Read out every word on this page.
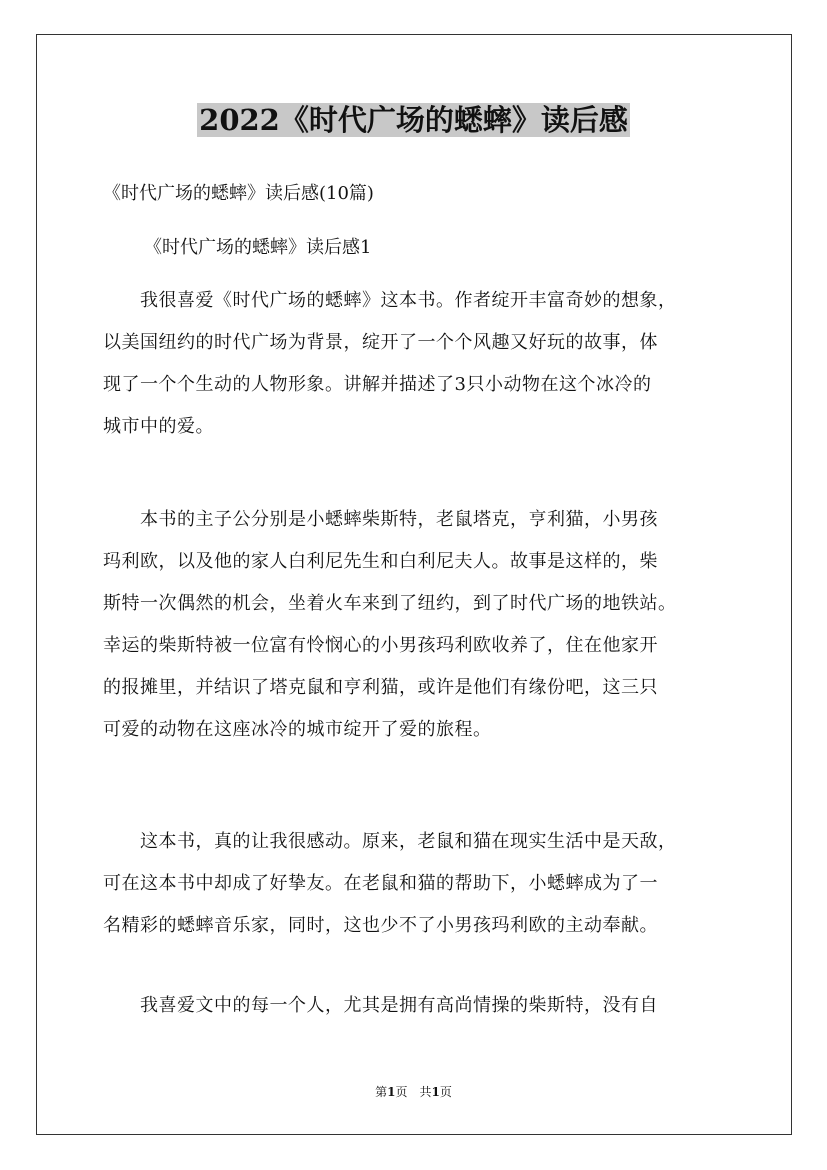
2022《时代广场的蟋蟀》读后感

《时代广场的蟋蟀》读后感(10篇)

《时代广场的蟋蟀》读后感1

　　我很喜爱《时代广场的蟋蟀》这本书。作者绽开丰富奇妙的想象，
以美国纽约的时代广场为背景，绽开了一个个风趣又好玩的故事，体
现了一个个生动的人物形象。讲解并描述了3只小动物在这个冰冷的
城市中的爱。

　　本书的主子公分别是小蟋蟀柴斯特，老鼠塔克，亨利猫，小男孩
玛利欧，以及他的家人白利尼先生和白利尼夫人。故事是这样的，柴
斯特一次偶然的机会，坐着火车来到了纽约，到了时代广场的地铁站。
幸运的柴斯特被一位富有怜悯心的小男孩玛利欧收养了，住在他家开
的报摊里，并结识了塔克鼠和亨利猫，或许是他们有缘份吧，这三只
可爱的动物在这座冰冷的城市绽开了爱的旅程。

　　这本书，真的让我很感动。原来，老鼠和猫在现实生活中是天敌，
可在这本书中却成了好挚友。在老鼠和猫的帮助下，小蟋蟀成为了一
名精彩的蟋蟀音乐家，同时，这也少不了小男孩玛利欧的主动奉献。

　　我喜爱文中的每一个人，尤其是拥有高尚情操的柴斯特，没有自

第1页　共1页
